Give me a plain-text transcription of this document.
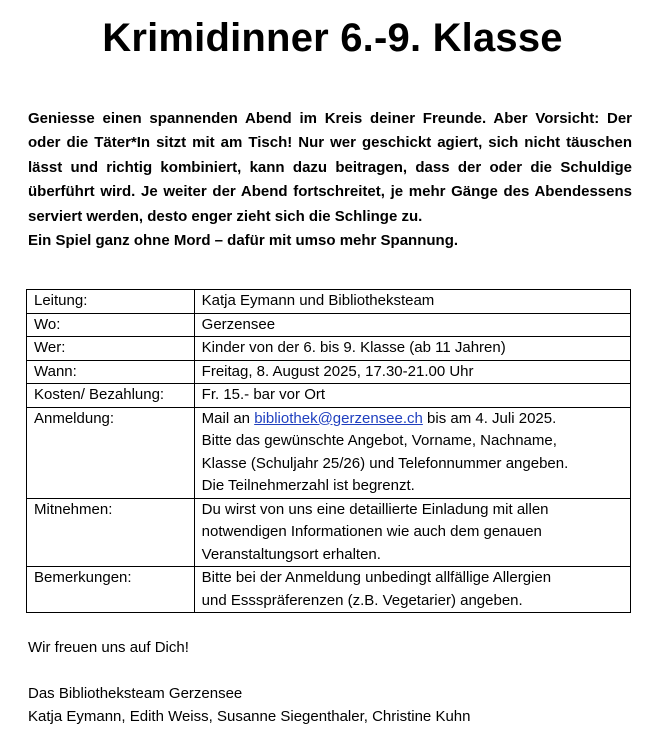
Krimidinner 6.-9. Klasse

Geniesse einen spannenden Abend im Kreis deiner Freunde. Aber Vorsicht: Der oder die Täter*In sitzt mit am Tisch! Nur wer geschickt agiert, sich nicht täuschen lässt und richtig kombiniert, kann dazu beitragen, dass der oder die Schuldige überführt wird. Je weiter der Abend fortschreitet, je mehr Gänge des Abendessens serviert werden, desto enger zieht sich die Schlinge zu.

Ein Spiel ganz ohne Mord – dafür mit umso mehr Spannung.

Leitung:	Katja Eymann und Bibliotheksteam
Wo:	Gerzensee
Wer:	Kinder von der 6. bis 9. Klasse (ab 11 Jahren)
Wann:	Freitag, 8. August 2025, 17.30-21.00 Uhr
Kosten/ Bezahlung:	Fr. 15.- bar vor Ort
Anmeldung:	Mail an bibliothek@gerzensee.ch bis am 4. Juli 2025.
Bitte das gewünschte Angebot, Vorname, Nachname,
Klasse (Schuljahr 25/26) und Telefonnummer angeben.
Die Teilnehmerzahl ist begrenzt.

Mitnehmen:	Du wirst von uns eine detaillierte Einladung mit allen
notwendigen Informationen wie auch dem genauen
Veranstaltungsort erhalten.

Bemerkungen:	Bitte bei der Anmeldung unbedingt allfällige Allergien
und Essspräferenzen (z.B. Vegetarier) angeben.
Wir freuen uns auf Dich!
Das Bibliotheksteam Gerzensee
Katja Eymann, Edith Weiss, Susanne Siegenthaler, Christine Kuhn
